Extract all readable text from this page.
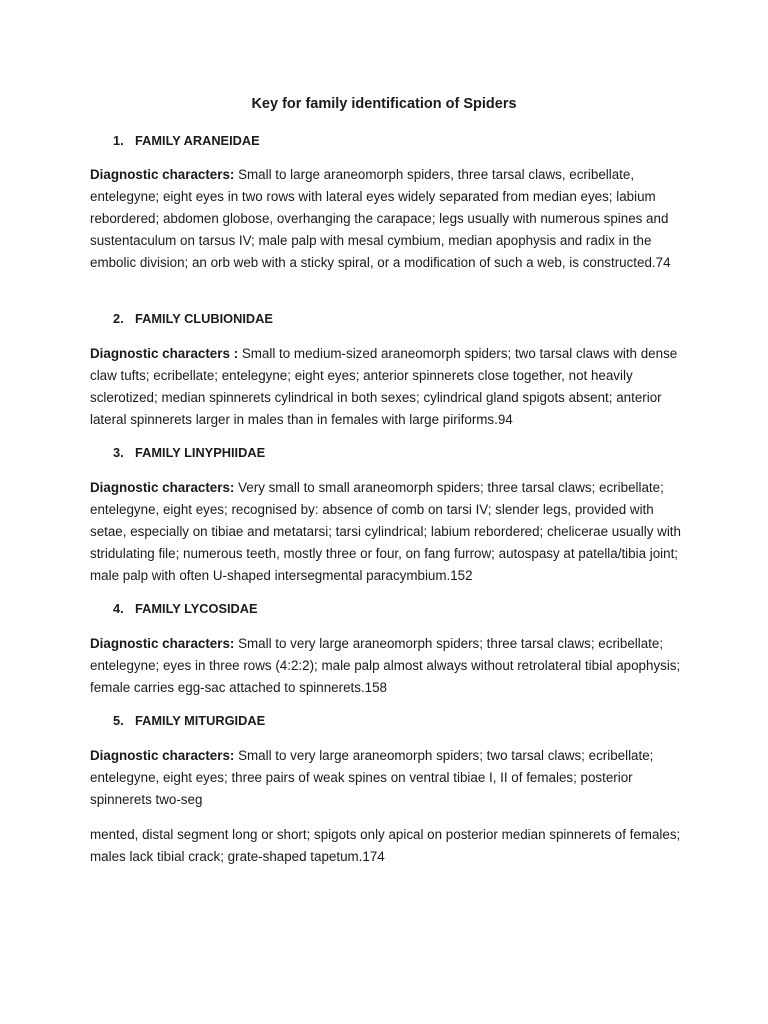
Key for family identification of Spiders
1. FAMILY ARANEIDAE

Diagnostic characters: Small to large araneomorph spiders, three tarsal claws, ecribellate, entelegyne; eight eyes in two rows with lateral eyes widely separated from median eyes; labium rebordered; abdomen globose, overhanging the carapace; legs usually with numerous spines and sustentaculum on tarsus IV; male palp with mesal cymbium, median apophysis and radix in the embolic division; an orb web with a sticky spiral, or a modification of such a web, is constructed.74

2. FAMILY CLUBIONIDAE

Diagnostic characters : Small to medium-sized araneomorph spiders; two tarsal claws with dense claw tufts; ecribellate; entelegyne; eight eyes; anterior spinnerets close together, not heavily sclerotized; median spinnerets cylindrical in both sexes; cylindrical gland spigots absent; anterior lateral spinnerets larger in males than in females with large piriforms.94

3. FAMILY LINYPHIIDAE

Diagnostic characters: Very small to small araneomorph spiders; three tarsal claws; ecribellate; entelegyne, eight eyes; recognised by: absence of comb on tarsi IV; slender legs, provided with setae, especially on tibiae and metatarsi; tarsi cylindrical; labium rebordered; chelicerae usually with stridulating file; numerous teeth, mostly three or four, on fang furrow; autospasy at patella/tibia joint; male palp with often U-shaped intersegmental paracymbium.152

4. FAMILY LYCOSIDAE

Diagnostic characters: Small to very large araneomorph spiders; three tarsal claws; ecribellate; entelegyne; eyes in three rows (4:2:2); male palp almost always without retrolateral tibial apophysis; female carries egg-sac attached to spinnerets.158

5. FAMILY MITURGIDAE

Diagnostic characters: Small to very large araneomorph spiders; two tarsal claws; ecribellate; entelegyne, eight eyes; three pairs of weak spines on ventral tibiae I, II of females; posterior spinnerets two-seg

mented, distal segment long or short; spigots only apical on posterior median spinnerets of females; males lack tibial crack; grate-shaped tapetum.174
